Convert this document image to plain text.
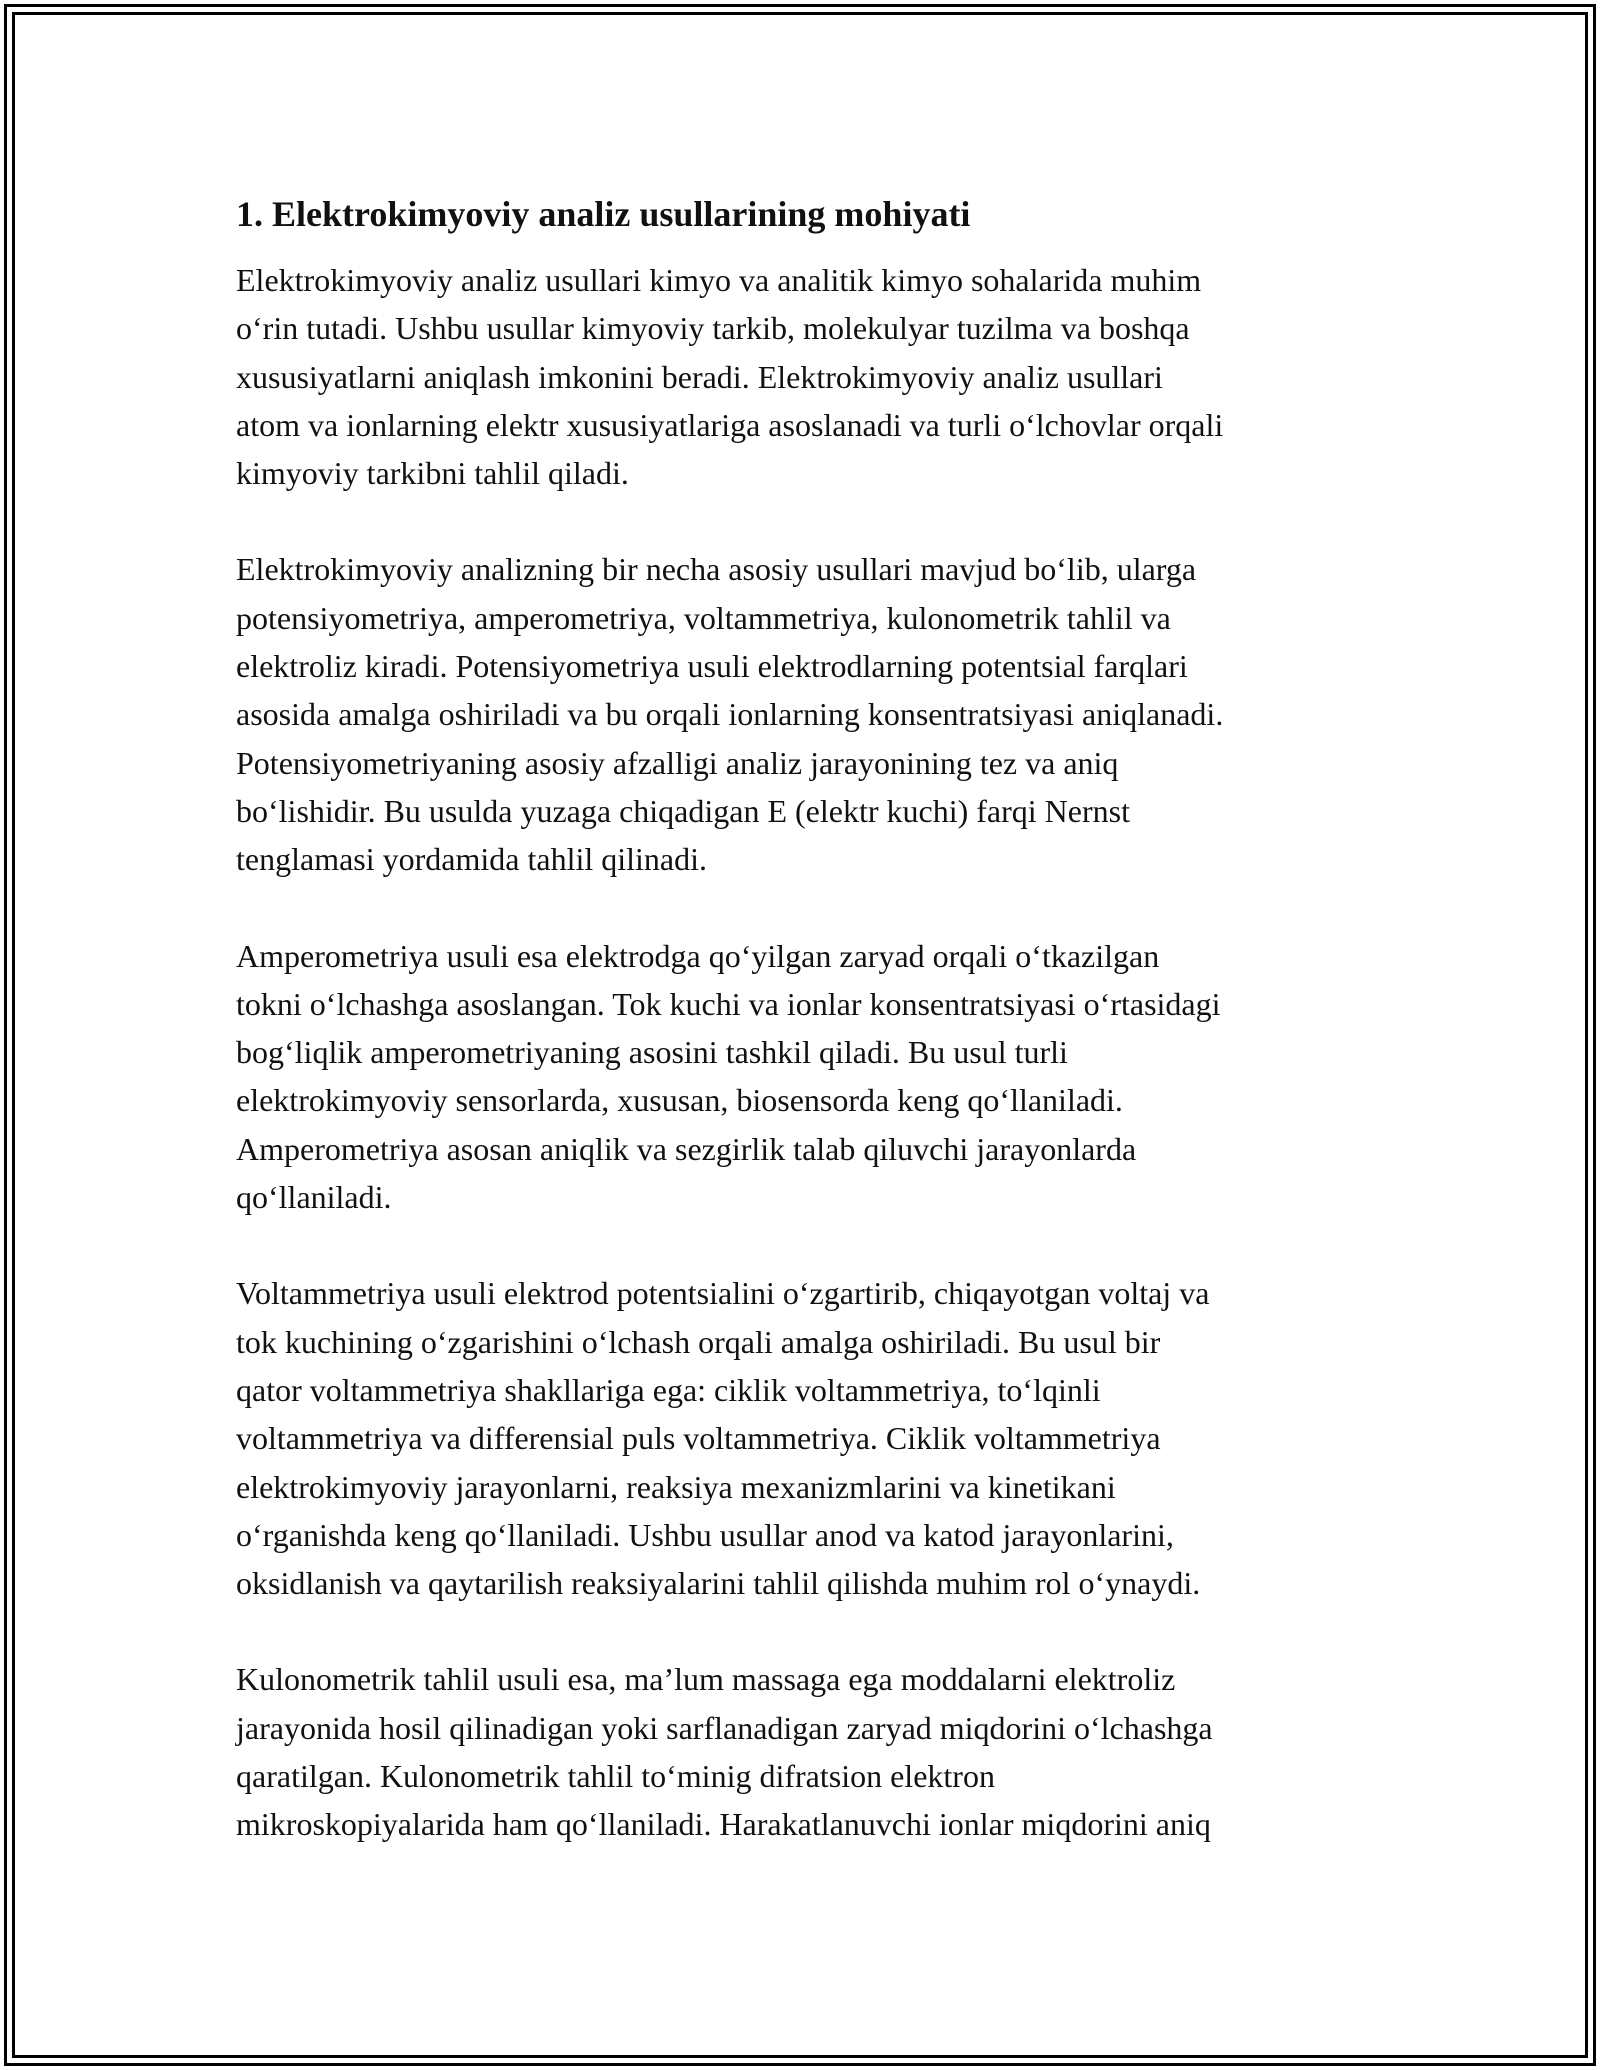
1. Elektrokimyoviy analiz usullarining mohiyati

Elektrokimyoviy analiz usullari kimyo va analitik kimyo sohalarida muhim
oʻrin tutadi. Ushbu usullar kimyoviy tarkib, molekulyar tuzilma va boshqa
xususiyatlarni aniqlash imkonini beradi. Elektrokimyoviy analiz usullari
atom va ionlarning elektr xususiyatlariga asoslanadi va turli oʻlchovlar orqali
kimyoviy tarkibni tahlil qiladi.

Elektrokimyoviy analizning bir necha asosiy usullari mavjud boʻlib, ularga
potensiyometriya, amperometriya, voltammetriya, kulonometrik tahlil va
elektroliz kiradi. Potensiyometriya usuli elektrodlarning potentsial farqlari
asosida amalga oshiriladi va bu orqali ionlarning konsentratsiyasi aniqlanadi.
Potensiyometriyaning asosiy afzalligi analiz jarayonining tez va aniq
boʻlishidir. Bu usulda yuzaga chiqadigan E (elektr kuchi) farqi Nernst
tenglamasi yordamida tahlil qilinadi.

Amperometriya usuli esa elektrodga qoʻyilgan zaryad orqali oʻtkazilgan
tokni oʻlchashga asoslangan. Tok kuchi va ionlar konsentratsiyasi oʻrtasidagi
bogʻliqlik amperometriyaning asosini tashkil qiladi. Bu usul turli
elektrokimyoviy sensorlarda, xususan, biosensorda keng qoʻllaniladi.
Amperometriya asosan aniqlik va sezgirlik talab qiluvchi jarayonlarda
qoʻllaniladi.

Voltammetriya usuli elektrod potentsialini oʻzgartirib, chiqayotgan voltaj va
tok kuchining oʻzgarishini oʻlchash orqali amalga oshiriladi. Bu usul bir
qator voltammetriya shakllariga ega: ciklik voltammetriya, toʻlqinli
voltammetriya va differensial puls voltammetriya. Ciklik voltammetriya
elektrokimyoviy jarayonlarni, reaksiya mexanizmlarini va kinetikani
oʻrganishda keng qoʻllaniladi. Ushbu usullar anod va katod jarayonlarini,
oksidlanish va qaytarilish reaksiyalarini tahlil qilishda muhim rol oʻynaydi.

Kulonometrik tahlil usuli esa, maʼlum massaga ega moddalarni elektroliz
jarayonida hosil qilinadigan yoki sarflanadigan zaryad miqdorini oʻlchashga
qaratilgan. Kulonometrik tahlil toʻminig difratsion elektron
mikroskopiyalarida ham qoʻllaniladi. Harakatlanuvchi ionlar miqdorini aniq
